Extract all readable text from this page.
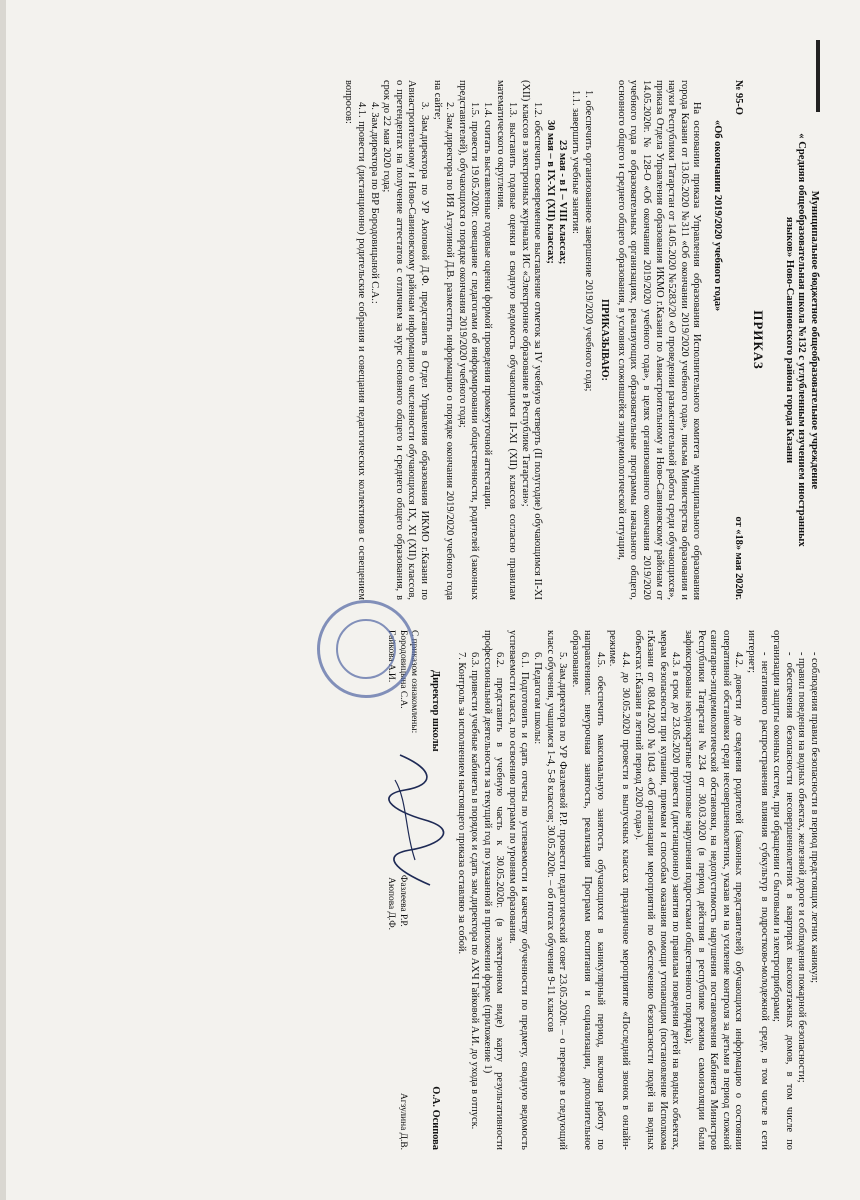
Муниципальное бюджетное общеобразовательное учреждение

« Средняя общеобразовательная школа №132 с углубленным изучением иностранных

языков» Ново-Савиновского района города Казани

ПРИКАЗ

№ 95-О
от «18» мая 2020г.

«Об окончании 2019/2020 учебного года»

На основании приказа Управления образования Исполнительного комитета муниципального образования города Казани от 13.05.2020 №311 «Об окончании 2019/2020 учебного года», письма Министерства образования и науки Республики Татарстан от 14.05.2020 №5283/20 «О проведении разъяснительной работы среди обучающихся», приказа Отдела Управления образования ИКМО г.Казани по Авиастроительному и Ново-Савиновскому районам от 14.05.2020г. № 128-О «Об окончании 2019/2020 учебного года», в целях организованного окончания 2019/2020 учебного года в образовательных организациях, реализующих образовательные программы начального общего, основного общего и среднего общего образования, в условиях сложившейся эпидемиологической ситуации,

ПРИКАЗЫВАЮ:

1. обеспечить организованное завершение 2019/2020 учебного года;

1.1. завершить учебные занятия:

23 мая - в I – VIII классах;

30 мая – в IX-XI (XII) классах;

1.2. обеспечить своевременное выставление отметок за IV учебную четверть (II полугодие) обучающимся II-XI (XII) классов в электронных журналах ИС «Электронное образование в Республике Татарстан»;

1.3. выставить годовые оценки в сводную ведомость обучающимся II-XI (XII) классов согласно правилам математического округления.

1.4. считать выставленные годовые оценки формой проведения промежуточной аттестации.

1.5. провести 19.05.2020г. совещание с педагогами об информировании общественности, родителей (законных представителей), обучающихся о порядке окончания 2019/2020 учебного года;

2. Зам.директора по ИЯ Агзулиной Д.В. разместить информацию о порядке окончания 2019/2020 учебного года на сайте;

3. Зам.директора по УР Аюповой Д.Ф. представить в Отдел Управления образования ИКМО г.Казани по Авиастроительному и Ново-Савиновскому районам информацию о численности обучающихся IX, XI (XII) классов, о претендентах на получение аттестатов с отличием за курс основного общего и среднего общего образования, в срок до 22 мая 2020 года;

4. Зам.директора по ВР Бородовицыной С.А.:

4.1. провести (дистанционно) родительские собрания и совещания педагогических коллективов с освещением вопросов:

- соблюдения правил безопасности в период предстоящих летних каникул;

- правил поведения на водных объектах, железной дороге и соблюдения пожарной безопасности;

- обеспечения безопасности несовершеннолетних в квартирах высокоэтажных домов, в том числе по организации защиты оконных систем, при обращении с бытовыми и электроприборами;

- негативного распространения влияния субкультур в подростково-молодежной среде, в том числе в сети интернет;

4.2. довести до сведения родителей (законных представителей) обучающихся информацию о состоянии оперативной обстановки среди несовершеннолетних, указав им на усиление контроля за детьми в период сложной санитарно-эпидемиологической обстановки, на недопустимость нарушения постановления Кабинета Министров Республики Татарстан №234 от 30.03.2020 (в период действия в республике режима самоизоляции были зафиксированы неоднократные групповые нарушения подростками общественного порядка);

4.3. в срок до 23.05.2020 провести (дистанционно) занятия по правилам поведения детей на водных объектах, мерам безопасности при купании, приемам и способам оказания помощи утопающим (постановление Исполкома г.Казани от 08.04.2020 №1043 «Об организации мероприятий по обеспечению безопасности людей на водных объектах г.Казани в летний период 2020 года»).

4.4. до 30.05.2020 провести в выпускных классах праздничное мероприятие «Последний звонок в онлайн-режиме.

4.5. обеспечить максимальную занятость обучающихся в каникулярный период, включая работу по направлениям: внеурочная занятость, реализация Программ воспитания и социализации, дополнительное образование.

5. Зам.директора по УР Фазлеевой Р.Р. провести педагогический совет 23.05.2020г. – о переводе в следующий класс обучения, учащимся 1-4, 5-8 классов; 30.05.2020г. – об итогах обучения 9-11 классов

6. Педагогам школы:

6.1. Подготовить и сдать отчеты по успеваемости и качеству обученности по предмету, сводную ведомость успеваемости класса, по освоению программ по уровням образования.

6.2. представить в учебную часть к 30.05.2020г. (в электронном виде) карту результативности профессиональной деятельности за текущий год по указанной в приложении форме (приложение 1)

6.3. привести учебные кабинеты в порядок и сдать зам.директора по АХЧ Гайковой А.И. до ухода в отпуск.

7. Контроль за исполнением настоящего приказа оставляю за собой.

Директор школы
О.А. Осипова
С приказом ознакомлены:
Бородовицына С.А.
Фазлеева Р.Р.
Агзулина Д.В.
Гайкова А.И.
Аюпова Д.Ф.
